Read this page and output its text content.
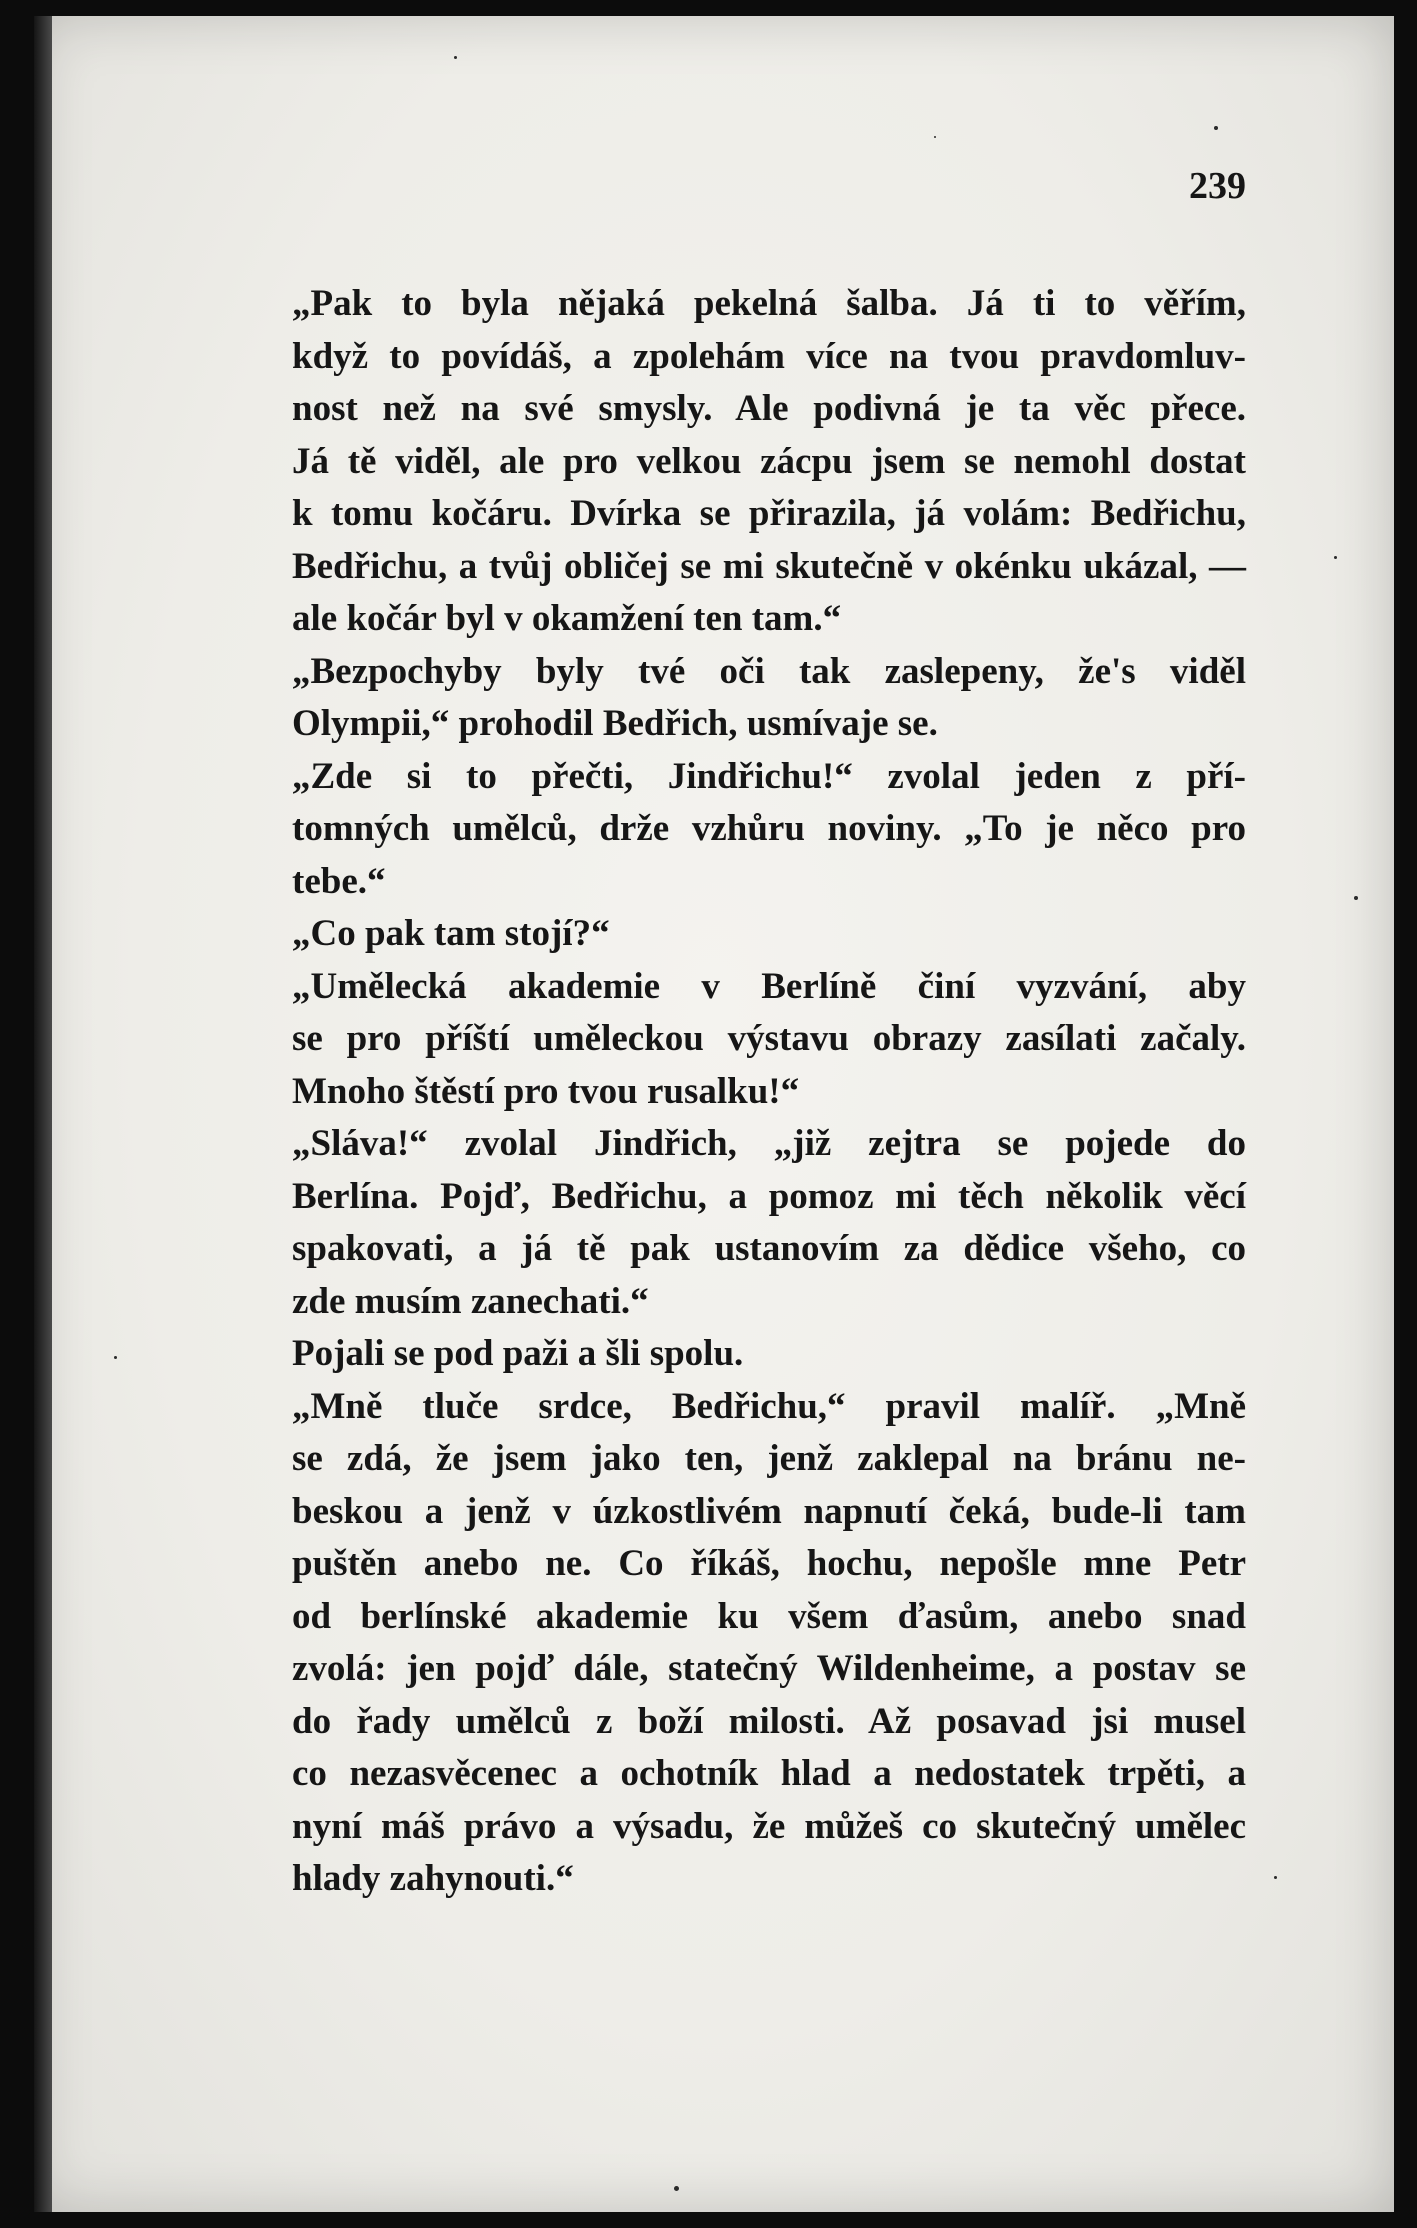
239

„Pak to byla nějaká pekelná šalba. Já ti to věřím,
když to povídáš, a zpolehám více na tvou pravdomluv-
nost než na své smysly. Ale podivná je ta věc přece.
Já tě viděl, ale pro velkou zácpu jsem se nemohl dostat
k tomu kočáru. Dvírka se přirazila, já volám: Bedřichu,
Bedřichu, a tvůj obličej se mi skutečně v okénku ukázal, —
ale kočár byl v okamžení ten tam.“

„Bezpochyby byly tvé oči tak zaslepeny, že's viděl
Olympii,“ prohodil Bedřich, usmívaje se.

„Zde si to přečti, Jindřichu!“ zvolal jeden z pří-
tomných umělců, drže vzhůru noviny. „To je něco pro
tebe.“

„Co pak tam stojí?“

„Umělecká akademie v Berlíně činí vyzvání, aby
se pro příští uměleckou výstavu obrazy zasílati začaly.
Mnoho štěstí pro tvou rusalku!“

„Sláva!“ zvolal Jindřich, „již zejtra se pojede do
Berlína. Pojď, Bedřichu, a pomoz mi těch několik věcí
spakovati, a já tě pak ustanovím za dědice všeho, co
zde musím zanechati.“

Pojali se pod paži a šli spolu.

„Mně tluče srdce, Bedřichu,“ pravil malíř. „Mně
se zdá, že jsem jako ten, jenž zaklepal na bránu ne-
beskou a jenž v úzkostlivém napnutí čeká, bude-li tam
puštěn anebo ne. Co říkáš, hochu, nepošle mne Petr
od berlínské akademie ku všem ďasům, anebo snad
zvolá: jen pojď dále, statečný Wildenheime, a postav se
do řady umělců z boží milosti. Až posavad jsi musel
co nezasvěcenec a ochotník hlad a nedostatek trpěti, a
nyní máš právo a výsadu, že můžeš co skutečný umělec
hlady zahynouti.“
